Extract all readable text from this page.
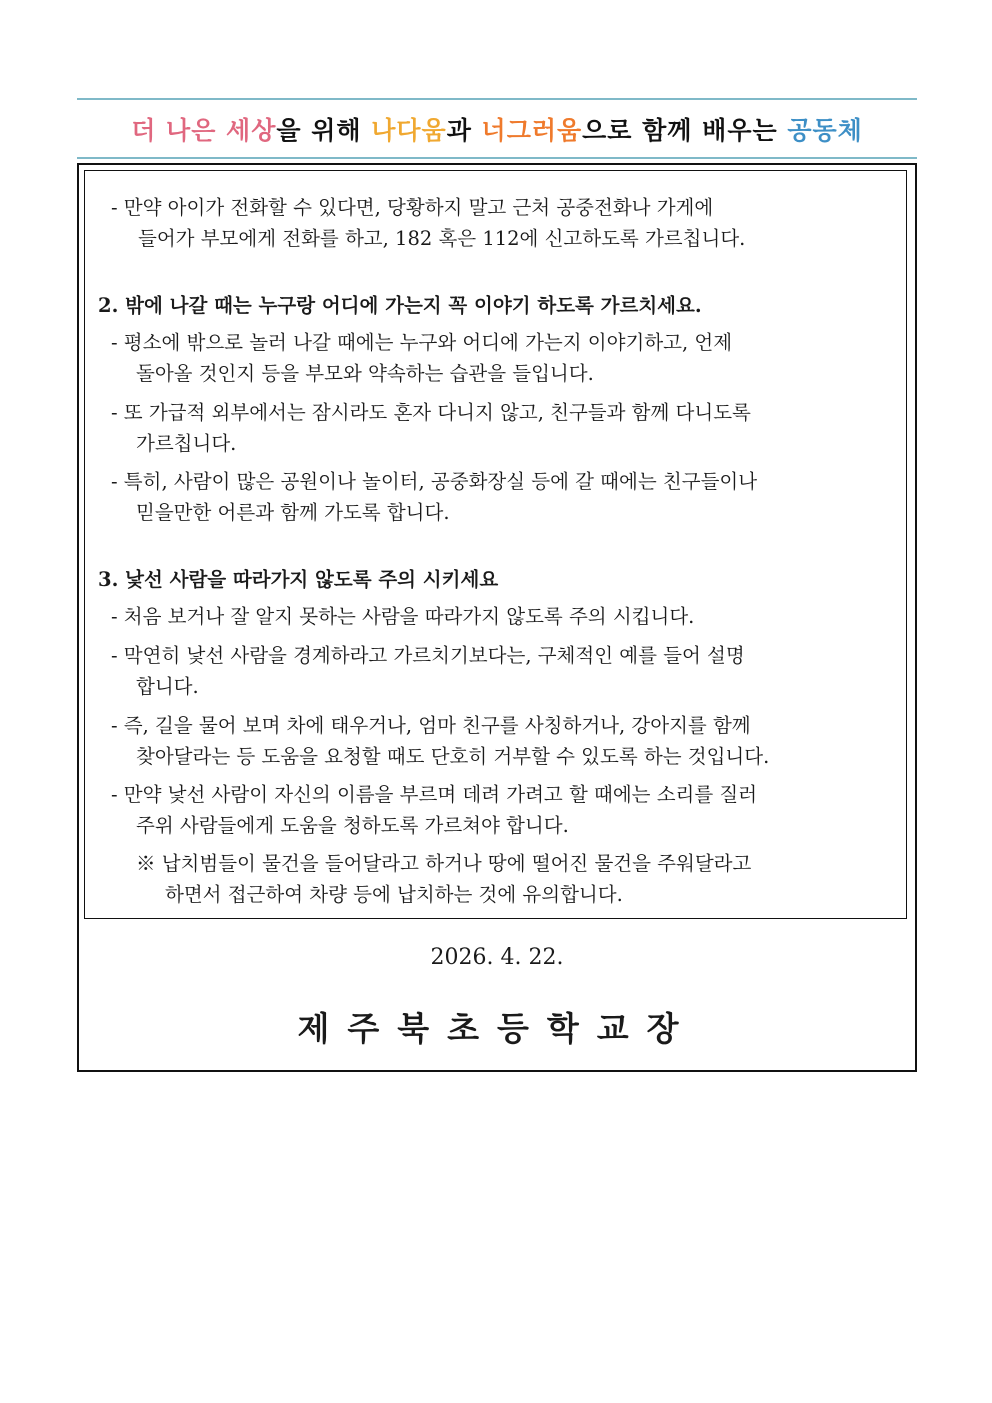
더 나은 세상 을 위해 나다움 과 너그러움 으로 함께 배우는 공동체
- 만약 아이가 전화할 수 있다면, 당황하지 말고 근처 공중전화나 가게에
들어가 부모에게 전화를 하고, 182 혹은 112에 신고하도록 가르칩니다.
2. 밖에 나갈 때는 누구랑 어디에 가는지 꼭 이야기 하도록 가르치세요.
- 평소에 밖으로 놀러 나갈 때에는 누구와 어디에 가는지 이야기하고, 언제
돌아올 것인지 등을 부모와 약속하는 습관을 들입니다.
- 또 가급적 외부에서는 잠시라도 혼자 다니지 않고, 친구들과 함께 다니도록
가르칩니다.
- 특히, 사람이 많은 공원이나 놀이터, 공중화장실 등에 갈 때에는 친구들이나
믿을만한 어른과 함께 가도록 합니다.
3. 낯선 사람을 따라가지 않도록 주의 시키세요
- 처음 보거나 잘 알지 못하는 사람을 따라가지 않도록 주의 시킵니다.
- 막연히 낯선 사람을 경계하라고 가르치기보다는, 구체적인 예를 들어 설명
합니다.
- 즉, 길을 물어 보며 차에 태우거나, 엄마 친구를 사칭하거나, 강아지를 함께
찾아달라는 등 도움을 요청할 때도 단호히 거부할 수 있도록 하는 것입니다.
- 만약 낯선 사람이 자신의 이름을 부르며 데려 가려고 할 때에는 소리를 질러
주위 사람들에게 도움을 청하도록 가르쳐야 합니다.
※ 납치범들이 물건을 들어달라고 하거나 땅에 떨어진 물건을 주워달라고
하면서 접근하여 차량 등에 납치하는 것에 유의합니다.
2026. 4. 22.
제주북초등학교장
